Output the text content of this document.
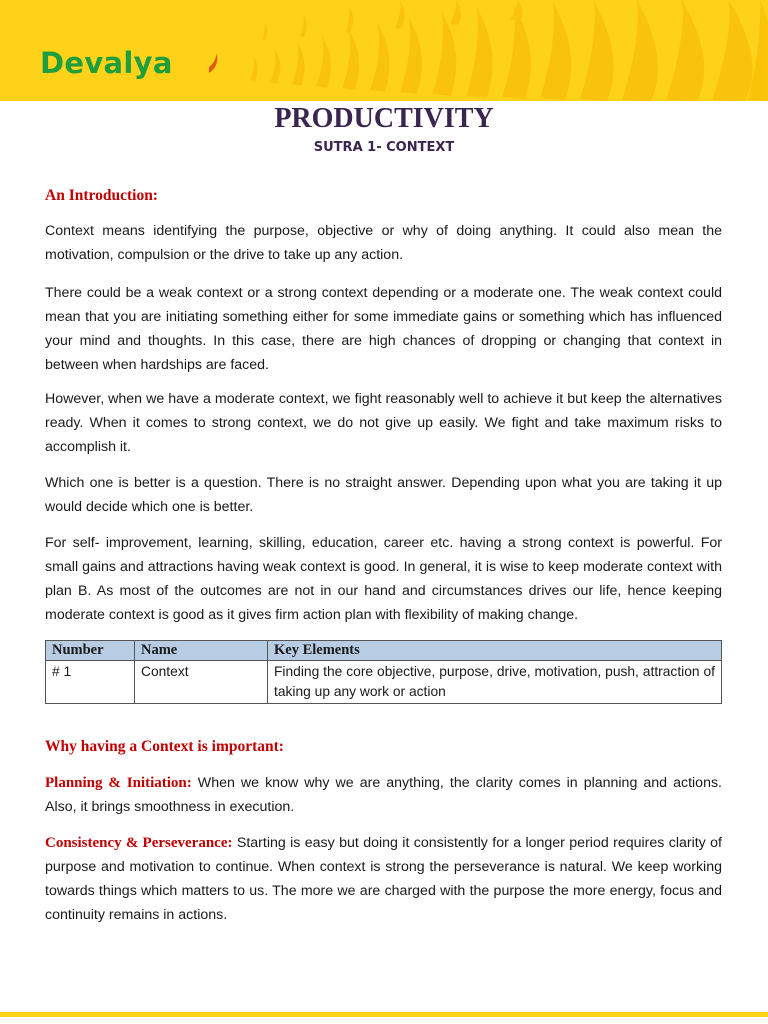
Devalya
PRODUCTIVITY
SUTRA 1- CONTEXT
An Introduction:

Context means identifying the purpose, objective or why of doing anything. It could also mean the motivation, compulsion or the drive to take up any action.

There could be a weak context or a strong context depending or a moderate one. The weak context could mean that you are initiating something either for some immediate gains or something which has influenced your mind and thoughts. In this case, there are high chances of dropping or changing that context in between when hardships are faced.

However, when we have a moderate context, we fight reasonably well to achieve it but keep the alternatives ready. When it comes to strong context, we do not give up easily. We fight and take maximum risks to accomplish it.

Which one is better is a question. There is no straight answer. Depending upon what you are taking it up would decide which one is better.

For self- improvement, learning, skilling, education, career etc. having a strong context is powerful. For small gains and attractions having weak context is good. In general, it is wise to keep moderate context with plan B. As most of the outcomes are not in our hand and circumstances drives our life, hence keeping moderate context is good as it gives firm action plan with flexibility of making change.

Number	Name	Key Elements
# 1	Context	Finding the core objective, purpose, drive, motivation, push, attraction of taking up any work or action
Why having a Context is important:

Planning & Initiation: When we know why we are anything, the clarity comes in planning and actions. Also, it brings smoothness in execution.

Consistency & Perseverance: Starting is easy but doing it consistently for a longer period requires clarity of purpose and motivation to continue. When context is strong the perseverance is natural. We keep working towards things which matters to us. The more we are charged with the purpose the more energy, focus and continuity remains in actions.
